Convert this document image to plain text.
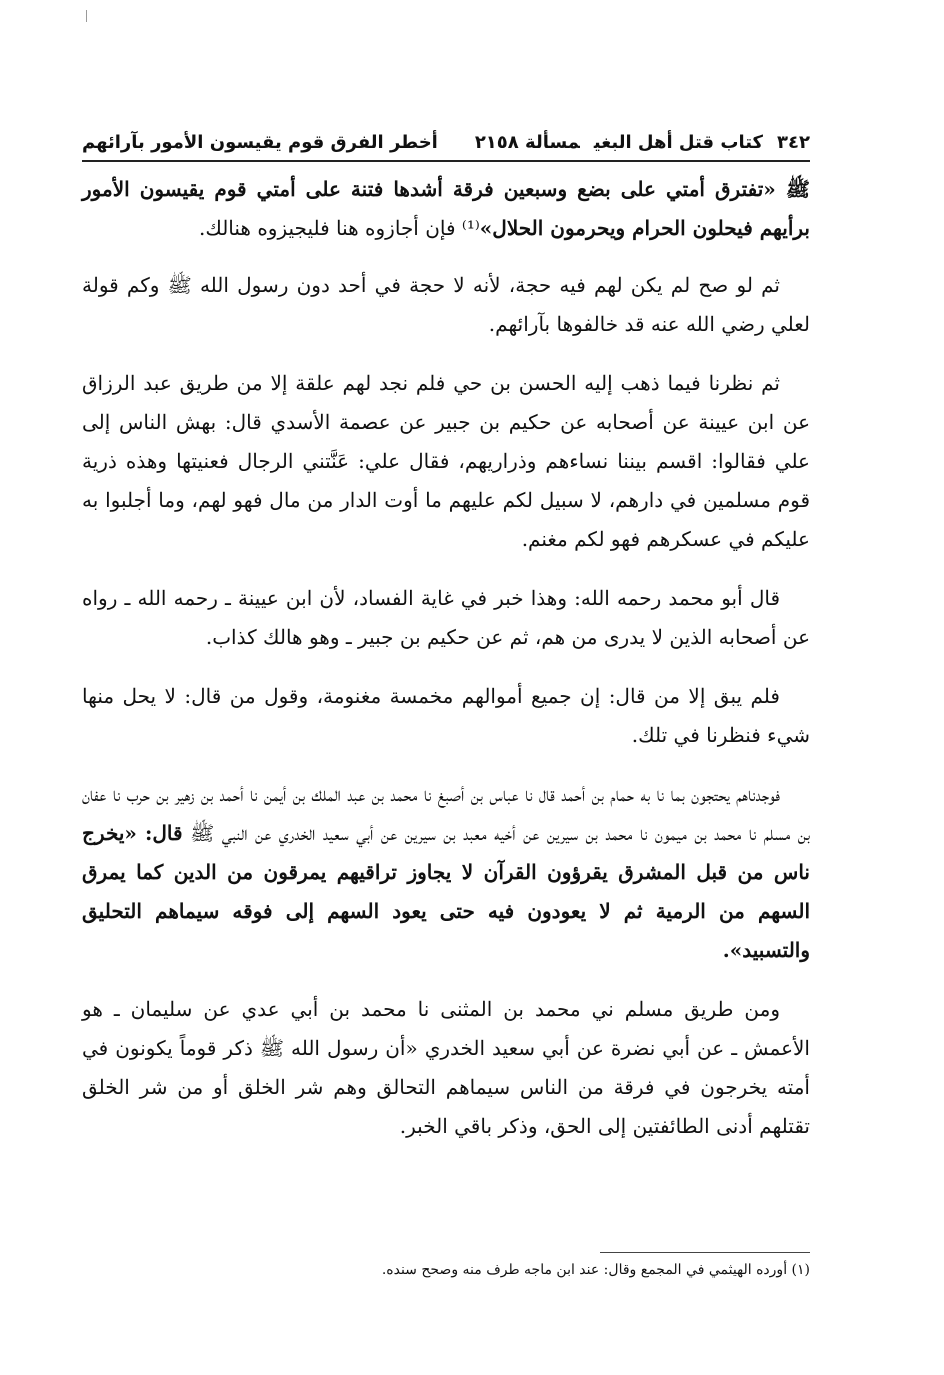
٣٤٢كتاب قتل أهل البغيمسألة ٢١٥٨
أخطر الفرق قوم يقيسون الأمور بآرائهم

ﷺ «تفترق أمتي على بضع وسبعين فرقة أشدها فتنة على أمتي قوم يقيسون الأمور برأيهم فيحلون الحرام ويحرمون الحلال»⁽¹⁾ فإن أجازوه هنا فليجيزوه هنالك.

ثم لو صح لم يكن لهم فيه حجة، لأنه لا حجة في أحد دون رسول الله ﷺ وكم قولة لعلي رضي الله عنه قد خالفوها بآرائهم.

ثم نظرنا فيما ذهب إليه الحسن بن حي فلم نجد لهم علقة إلا من طريق عبد الرزاق عن ابن عيينة عن أصحابه عن حكيم بن جبير عن عصمة الأسدي قال: بهش الناس إلى علي فقالوا: اقسم بيننا نساءهم وذراريهم، فقال علي: عَنَّتني الرجال فعنيتها وهذه ذرية قوم مسلمين في دارهم، لا سبيل لكم عليهم ما أوت الدار من مال فهو لهم، وما أجلبوا به عليكم في عسكرهم فهو لكم مغنم.

قال أبو محمد رحمه الله: وهذا خبر في غاية الفساد، لأن ابن عيينة ـ رحمه الله ـ رواه عن أصحابه الذين لا يدرى من هم، ثم عن حكيم بن جبير ـ وهو هالك كذاب.

فلم يبق إلا من قال: إن جميع أموالهم مخمسة مغنومة، وقول من قال: لا يحل منها شيء فنظرنا في تلك.

فوجدناهم يحتجون بما نا به حمام بن أحمد قال نا عباس بن أصبغ نا محمد بن عبد الملك بن أيمن نا أحمد بن زهير بن حرب نا عفان بن مسلم نا محمد بن ميمون نا محمد بن سيرين عن أخيه معبد بن سيرين عن أبي سعيد الخدري عن النبي ﷺ قال: «يخرج ناس من قبل المشرق يقرؤون القرآن لا يجاوز تراقيهم يمرقون من الدين كما يمرق السهم من الرمية ثم لا يعودون فيه حتى يعود السهم إلى فوقه سيماهم التحليق والتسبيد».

ومن طريق مسلم ني محمد بن المثنى نا محمد بن أبي عدي عن سليمان ـ هو الأعمش ـ عن أبي نضرة عن أبي سعيد الخدري «أن رسول الله ﷺ ذكر قوماً يكونون في أمته يخرجون في فرقة من الناس سيماهم التحالق وهم شر الخلق أو من شر الخلق تقتلهم أدنى الطائفتين إلى الحق، وذكر باقي الخبر.

(١) أورده الهيثمي في المجمع وقال: عند ابن ماجه طرف منه وصحح سنده.
